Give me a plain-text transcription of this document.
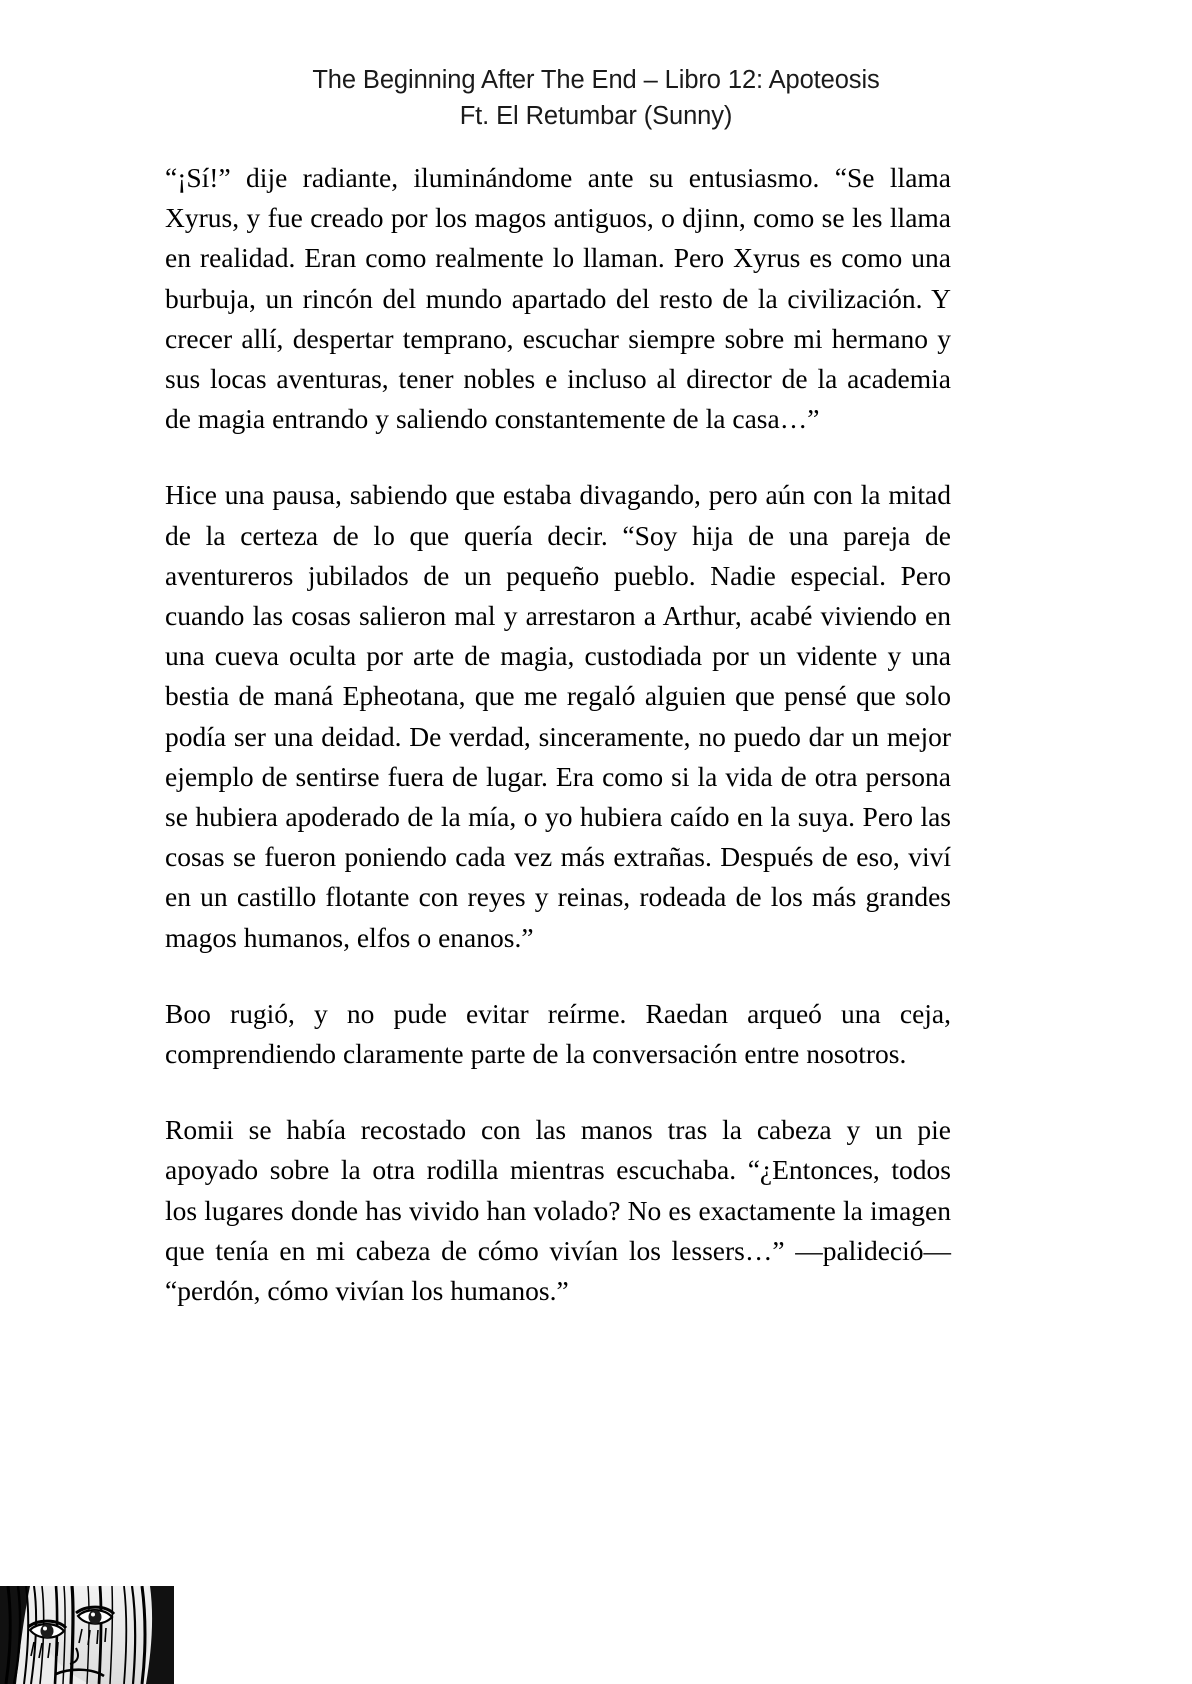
The Beginning After The End – Libro 12: Apoteosis
Ft. El Retumbar (Sunny)

“¡Sí!” dije radiante, iluminándome ante su entusiasmo. “Se llama Xyrus, y fue creado por los magos antiguos, o djinn, como se les llama en realidad. Eran como realmente lo llaman. Pero Xyrus es como una burbuja, un rincón del mundo apartado del resto de la civilización. Y crecer allí, despertar temprano, escuchar siempre sobre mi hermano y sus locas aventuras, tener nobles e incluso al director de la academia de magia entrando y saliendo constantemente de la casa…”

Hice una pausa, sabiendo que estaba divagando, pero aún con la mitad de la certeza de lo que quería decir. “Soy hija de una pareja de aventureros jubilados de un pequeño pueblo. Nadie especial. Pero cuando las cosas salieron mal y arrestaron a Arthur, acabé viviendo en una cueva oculta por arte de magia, custodiada por un vidente y una bestia de maná Epheotana, que me regaló alguien que pensé que solo podía ser una deidad. De verdad, sinceramente, no puedo dar un mejor ejemplo de sentirse fuera de lugar. Era como si la vida de otra persona se hubiera apoderado de la mía, o yo hubiera caído en la suya. Pero las cosas se fueron poniendo cada vez más extrañas. Después de eso, viví en un castillo flotante con reyes y reinas, rodeada de los más grandes magos humanos, elfos o enanos.”

Boo rugió, y no pude evitar reírme. Raedan arqueó una ceja, comprendiendo claramente parte de la conversación entre nosotros.

Romii se había recostado con las manos tras la cabeza y un pie apoyado sobre la otra rodilla mientras escuchaba. “¿Entonces, todos los lugares donde has vivido han volado? No es exactamente la imagen que tenía en mi cabeza de cómo vivían los lessers…” —palideció— “perdón, cómo vivían los humanos.”
